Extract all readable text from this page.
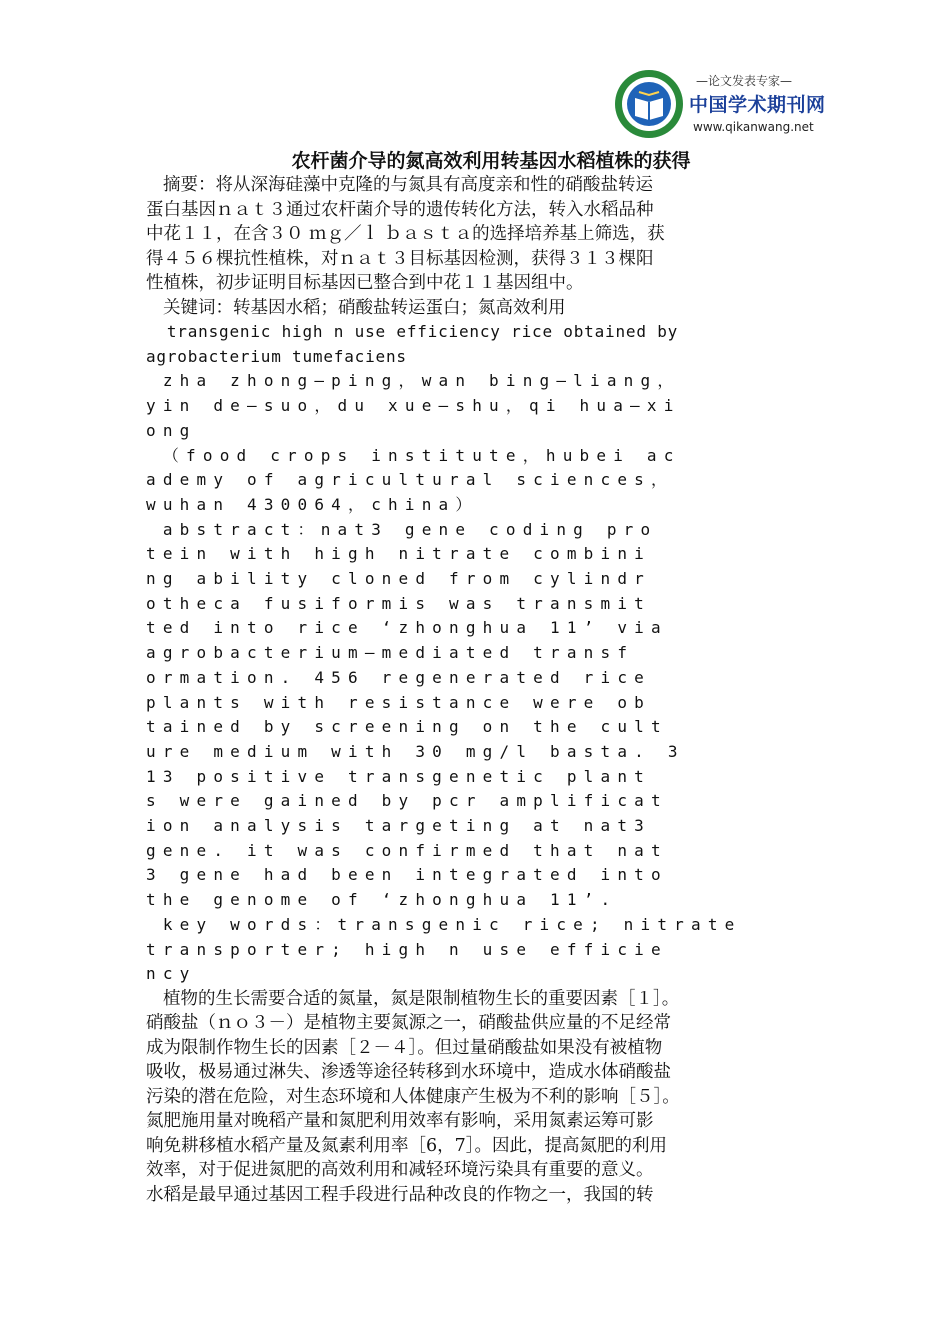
—论文发表专家—
中国学术期刊网
www.qikanwang.net
农杆菌介导的氮高效利用转基因水稻植株的获得

摘要：将从深海硅藻中克隆的与氮具有高度亲和性的硝酸盐转运
蛋白基因ｎａｔ３通过农杆菌介导的遗传转化方法，转入水稻品种
中花１１，在含３０ ｍｇ／ｌ ｂａｓｔａ的选择培养基上筛选，获
得４５６棵抗性植株，对ｎａｔ３目标基因检测，获得３１３棵阳
性植株，初步证明目标基因已整合到中花１１基因组中。

关键词：转基因水稻；硝酸盐转运蛋白；氮高效利用

transgenic high n use efficiency rice obtained by
agrobacterium tumefaciens

zha zhong—ping，wan bing—liang，
yin de—suo，du xue—shu，qi hua—xi
ong

（food crops institute，hubei ac
ademy of agricultural sciences，
wuhan 430064，china）

abstract：nat3 gene coding pro
tein with high nitrate combini
ng ability cloned from cylindr
otheca fusiformis was transmit
ted into rice ‘zhonghua 11’ via
agrobacterium—mediated transf
ormation. 456 regenerated rice
plants with resistance were ob
tained by screening on the cult
ure medium with 30 mg/l basta. 3
13 positive transgenetic plant
s were gained by pcr amplificat
ion analysis targeting at nat3
gene. it was confirmed that nat
3 gene had been integrated into
the genome of ‘zhonghua 11’.

key words：transgenic rice; nitrate
transporter; high n use efficie
ncy

植物的生长需要合适的氮量，氮是限制植物生长的重要因素［１］。
硝酸盐（ｎｏ３－）是植物主要氮源之一，硝酸盐供应量的不足经常
成为限制作物生长的因素［２－４］。但过量硝酸盐如果没有被植物
吸收，极易通过淋失、渗透等途径转移到水环境中，造成水体硝酸盐
污染的潜在危险，对生态环境和人体健康产生极为不利的影响［５］。
氮肥施用量对晚稻产量和氮肥利用效率有影响，采用氮素运筹可影
响免耕移植水稻产量及氮素利用率［6，7］。因此，提高氮肥的利用
效率，对于促进氮肥的高效利用和减轻环境污染具有重要的意义。
水稻是最早通过基因工程手段进行品种改良的作物之一，我国的转
